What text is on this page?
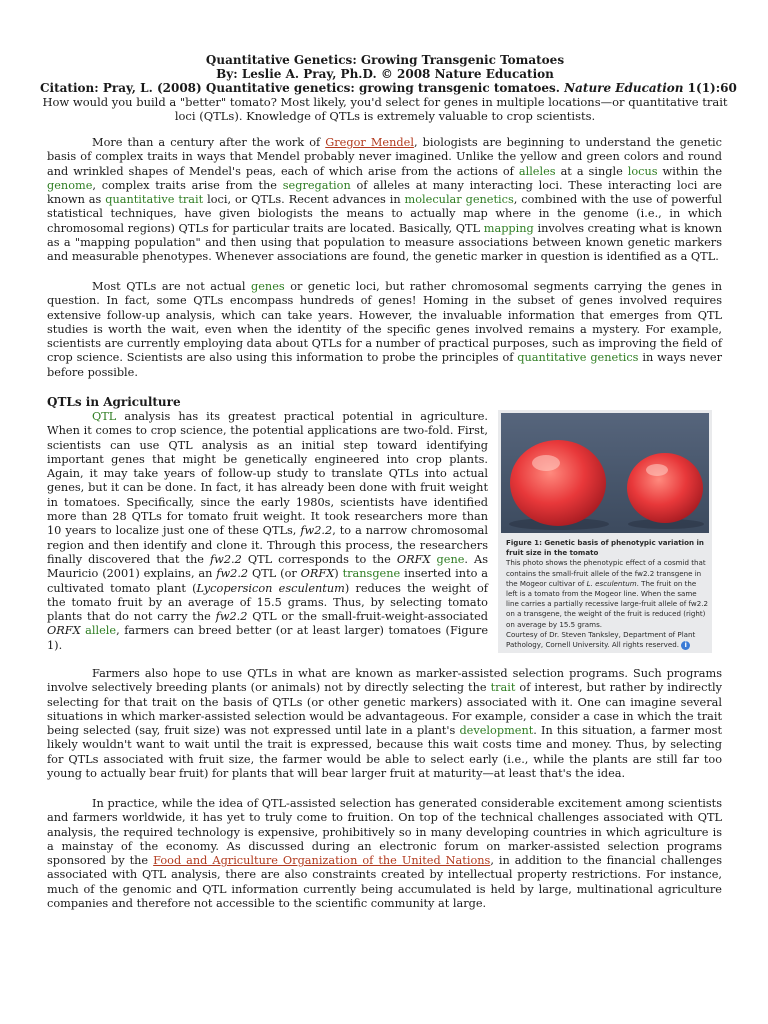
Quantitative Genetics: Growing Transgenic Tomatoes
By: Leslie A. Pray, Ph.D. © 2008 Nature Education
Citation: Pray, L. (2008) Quantitative genetics: growing transgenic tomatoes. Nature Education 1(1):60
How would you build a "better" tomato? Most likely, you'd select for genes in multiple locations—or quantitative trait loci (QTLs). Knowledge of QTLs is extremely valuable to crop scientists.

More than a century after the work of Gregor Mendel, biologists are beginning to understand the genetic basis of complex traits in ways that Mendel probably never imagined. Unlike the yellow and green colors and round and wrinkled shapes of Mendel's peas, each of which arise from the actions of alleles at a single locus within the genome, complex traits arise from the segregation of alleles at many interacting loci. These interacting loci are known as quantitative trait loci, or QTLs. Recent advances in molecular genetics, combined with the use of powerful statistical techniques, have given biologists the means to actually map where in the genome (i.e., in which chromosomal regions) QTLs for particular traits are located. Basically, QTL mapping involves creating what is known as a "mapping population" and then using that population to measure associations between known genetic markers and measurable phenotypes. Whenever associations are found, the genetic marker in question is identified as a QTL.

Most QTLs are not actual genes or genetic loci, but rather chromosomal segments carrying the genes in question. In fact, some QTLs encompass hundreds of genes! Homing in the subset of genes involved requires extensive follow-up analysis, which can take years. However, the invaluable information that emerges from QTL studies is worth the wait, even when the identity of the specific genes involved remains a mystery. For example, scientists are currently employing data about QTLs for a number of practical purposes, such as improving the field of crop science. Scientists are also using this information to probe the principles of quantitative genetics in ways never before possible.

QTLs in Agriculture

QTL analysis has its greatest practical potential in agriculture. When it comes to crop science, the potential applications are two-fold. First, scientists can use QTL analysis as an initial step toward identifying important genes that might be genetically engineered into crop plants. Again, it may take years of follow-up study to translate QTLs into actual genes, but it can be done. In fact, it has already been done with fruit weight in tomatoes. Specifically, since the early 1980s, scientists have identified more than 28 QTLs for tomato fruit weight. It took researchers more than 10 years to localize just one of these QTLs, fw2.2, to a narrow chromosomal region and then identify and clone it. Through this process, the researchers finally discovered that the fw2.2 QTL corresponds to the ORFX gene. As Mauricio (2001) explains, an fw2.2 QTL (or ORFX) transgene inserted into a cultivated tomato plant (Lycopersicon esculentum) reduces the weight of the tomato fruit by an average of 15.5 grams. Thus, by selecting tomato plants that do not carry the fw2.2 QTL or the small-fruit-weight-associated ORFX allele, farmers can breed better (or at least larger) tomatoes (Figure 1).

Figure 1: Genetic basis of phenotypic variation in fruit size in the tomato
This photo shows the phenotypic effect of a cosmid that contains the small-fruit allele of the fw2.2 transgene in the Mogeor cultivar of L. esculentum. The fruit on the left is a tomato from the Mogeor line. When the same line carries a partially recessive large-fruit allele of fw2.2 on a transgene, the weight of the fruit is reduced (right) on average by 15.5 grams.
Courtesy of Dr. Steven Tanksley, Department of Plant Pathology, Cornell University. All rights reserved. i

Farmers also hope to use QTLs in what are known as marker-assisted selection programs. Such programs involve selectively breeding plants (or animals) not by directly selecting the trait of interest, but rather by indirectly selecting for that trait on the basis of QTLs (or other genetic markers) associated with it. One can imagine several situations in which marker-assisted selection would be advantageous. For example, consider a case in which the trait being selected (say, fruit size) was not expressed until late in a plant's development. In this situation, a farmer most likely wouldn't want to wait until the trait is expressed, because this wait costs time and money. Thus, by selecting for QTLs associated with fruit size, the farmer would be able to select early (i.e., while the plants are still far too young to actually bear fruit) for plants that will bear larger fruit at maturity—at least that's the idea.

In practice, while the idea of QTL-assisted selection has generated considerable excitement among scientists and farmers worldwide, it has yet to truly come to fruition. On top of the technical challenges associated with QTL analysis, the required technology is expensive, prohibitively so in many developing countries in which agriculture is a mainstay of the economy. As discussed during an electronic forum on marker-assisted selection programs sponsored by the Food and Agriculture Organization of the United Nations, in addition to the financial challenges associated with QTL analysis, there are also constraints created by intellectual property restrictions. For instance, much of the genomic and QTL information currently being accumulated is held by large, multinational agriculture companies and therefore not accessible to the scientific community at large.
